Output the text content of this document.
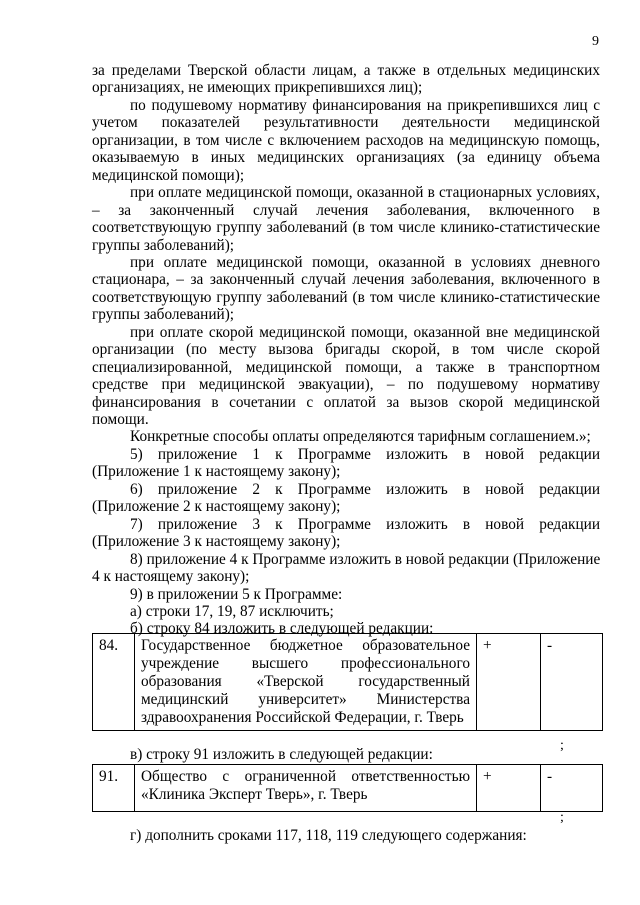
9
за пределами Тверской области лицам, а также в отдельных медицинских
организациях, не имеющих прикрепившихся лиц);
по подушевому нормативу финансирования на прикрепившихся лиц с
учетом показателей результативности деятельности медицинской
организации, в том числе с включением расходов на медицинскую помощь,
оказываемую в иных медицинских организациях (за единицу объема
медицинской помощи);
при оплате медицинской помощи, оказанной в стационарных условиях,
– за законченный случай лечения заболевания, включенного в
соответствующую группу заболеваний (в том числе клинико-статистические
группы заболеваний);
при оплате медицинской помощи, оказанной в условиях дневного
стационара, – за законченный случай лечения заболевания, включенного в
соответствующую группу заболеваний (в том числе клинико-статистические
группы заболеваний);
при оплате скорой медицинской помощи, оказанной вне медицинской
организации (по месту вызова бригады скорой, в том числе скорой
специализированной, медицинской помощи, а также в транспортном
средстве при медицинской эвакуации), – по подушевому нормативу
финансирования в сочетании с оплатой за вызов скорой медицинской
помощи.
Конкретные способы оплаты определяются тарифным соглашением.»;
5) приложение 1 к Программе изложить в новой редакции
(Приложение 1 к настоящему закону);
6) приложение 2 к Программе изложить в новой редакции
(Приложение 2 к настоящему закону);
7) приложение 3 к Программе изложить в новой редакции
(Приложение 3 к настоящему закону);
8) приложение 4 к Программе изложить в новой редакции (Приложение
4 к настоящему закону);
9) в приложении 5 к Программе:
а) строки 17, 19, 87 исключить;
б) строку 84 изложить в следующей редакции:
84.	Государственное бюджетное образовательное
учреждение высшего профессионального
образования «Тверской государственный
медицинский университет» Министерства
здравоохранения Российской Федерации, г. Тверь
	+	-
;
в) строку 91 изложить в следующей редакции:
91.	Общество с ограниченной ответственностью
«Клиника Эксперт Тверь», г. Тверь
	+	-
;
г) дополнить сроками 117, 118, 119 следующего содержания:
